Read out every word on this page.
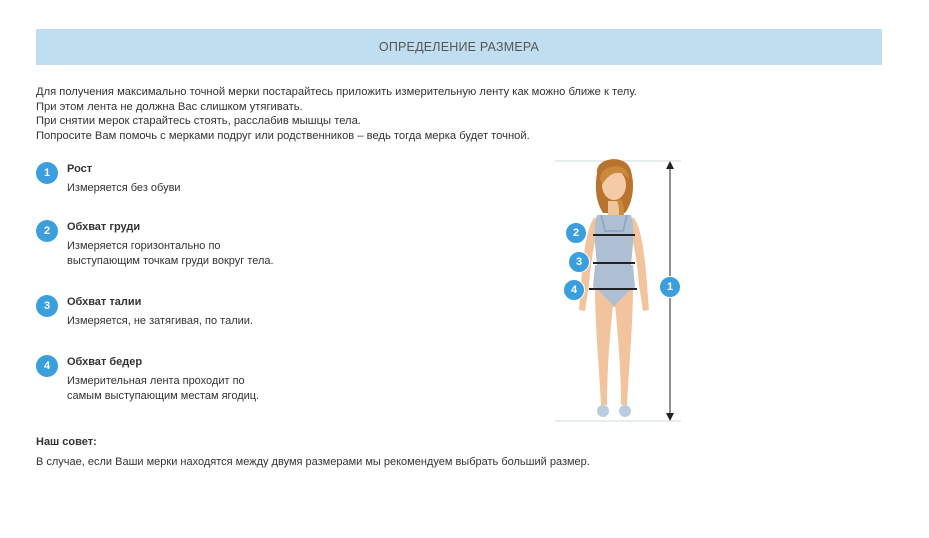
ОПРЕДЕЛЕНИЕ РАЗМЕРА

Для получения максимально точной мерки постарайтесь приложить измерительную ленту как можно ближе к телу.

При этом лента не должна Вас слишком утягивать.

При снятии мерок старайтесь стоять, расслабив мышцы тела.

Попросите Вам помочь с мерками подруг или родственников – ведь тогда мерка будет точной.

1	Рост
Измеряется без обуви
2	Обхват груди
Измеряется горизонтально по
выступающим точкам груди вокруг тела.
3	Обхват талии
Измеряется, не затягивая, по талии.
4	Обхват бедер
Измерительная лента проходит по
самым выступающим местам ягодиц.
Наш совет:
В случае, если Ваши мерки находятся между двумя размерами мы рекомендуем выбрать больший размер.
2
3
4	1
